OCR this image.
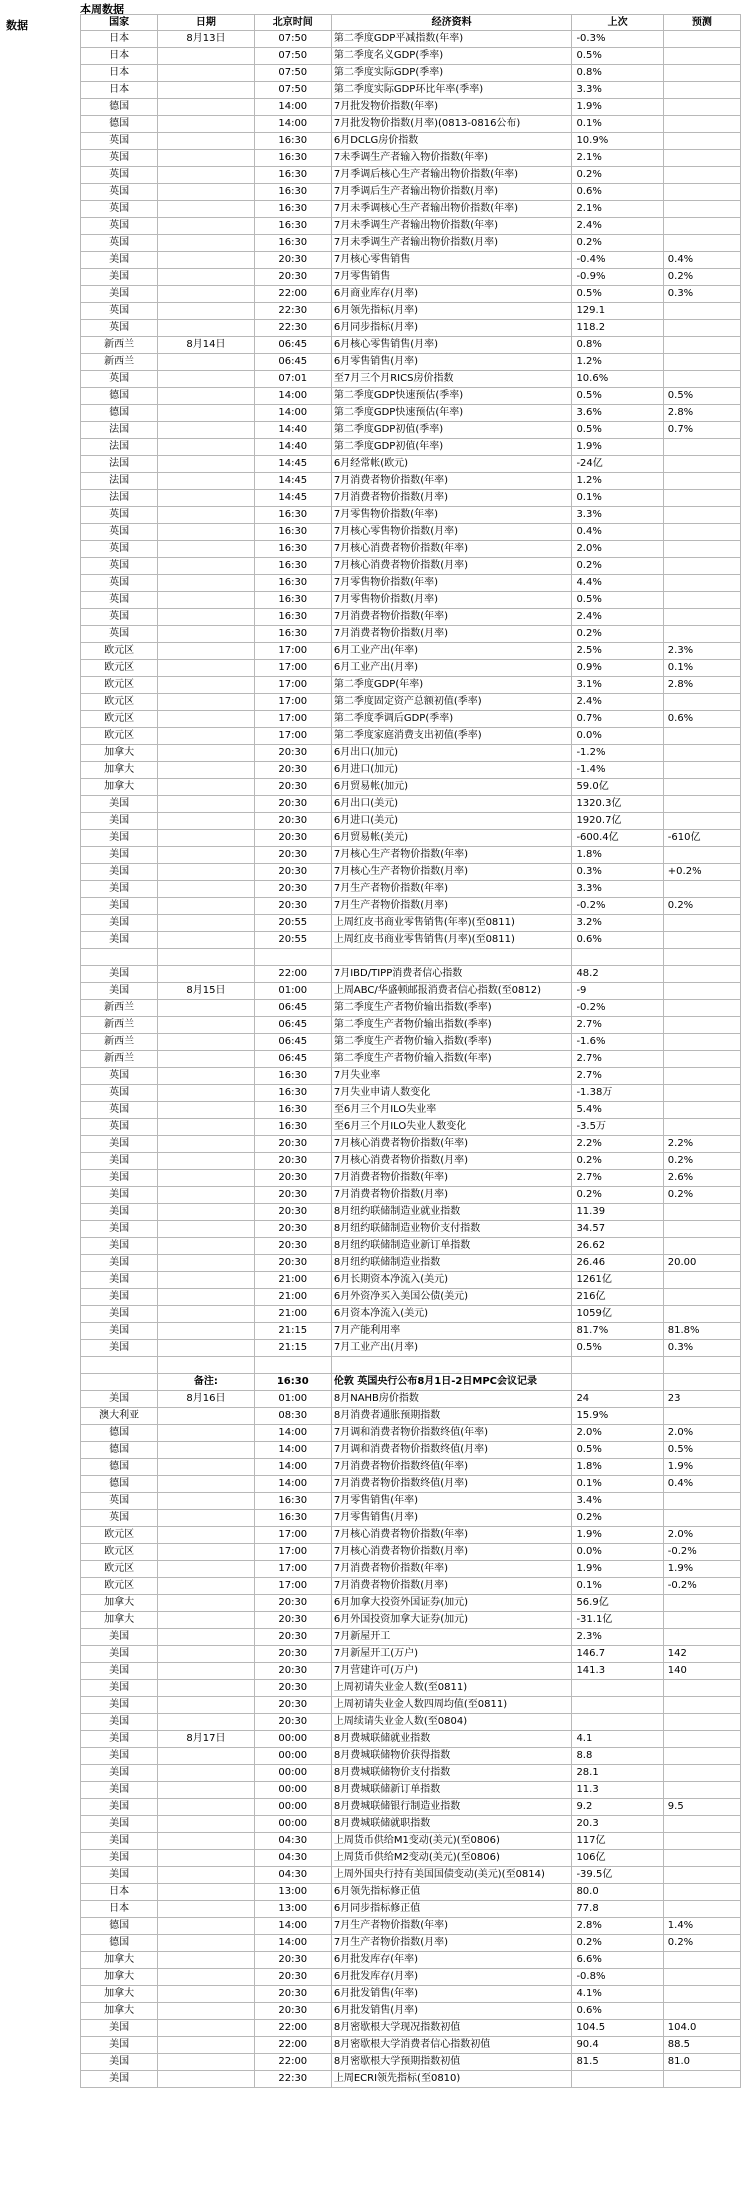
本周数据
数据	国家	日期	北京时间	经济资料	上次	预测
日本	8月13日	07:50	第二季度GDP平减指数(年率)	-0.3%	
日本		07:50	第二季度名义GDP(季率)	0.5%	
日本		07:50	第二季度实际GDP(季率)	0.8%	
日本		07:50	第二季度实际GDP环比年率(季率)	3.3%	
德国		14:00	7月批发物价指数(年率)	1.9%	
德国		14:00	7月批发物价指数(月率)(0813-0816公布)	0.1%	
英国		16:30	6月DCLG房价指数	10.9%	
英国		16:30	7未季调生产者输入物价指数(年率)	2.1%	
英国		16:30	7月季调后核心生产者输出物价指数(年率)	0.2%	
英国		16:30	7月季调后生产者输出物价指数(月率)	0.6%	
英国		16:30	7月未季调核心生产者输出物价指数(年率)	2.1%	
英国		16:30	7月未季调生产者输出物价指数(年率)	2.4%	
英国		16:30	7月未季调生产者输出物价指数(月率)	0.2%	
美国		20:30	7月核心零售销售	-0.4%	0.4%
美国		20:30	7月零售销售	-0.9%	0.2%
美国		22:00	6月商业库存(月率)	0.5%	0.3%
英国		22:30	6月领先指标(月率)	129.1	
英国		22:30	6月同步指标(月率)	118.2	
新西兰	8月14日	06:45	6月核心零售销售(月率)	0.8%	
新西兰		06:45	6月零售销售(月率)	1.2%	
英国		07:01	至7月三个月RICS房价指数	10.6%	
德国		14:00	第二季度GDP快速预估(季率)	0.5%	0.5%
德国		14:00	第二季度GDP快速预估(年率)	3.6%	2.8%
法国		14:40	第二季度GDP初值(季率)	0.5%	0.7%
法国		14:40	第二季度GDP初值(年率)	1.9%	
法国		14:45	6月经常帐(欧元)	-24亿	
法国		14:45	7月消费者物价指数(年率)	1.2%	
法国		14:45	7月消费者物价指数(月率)	0.1%	
英国		16:30	7月零售物价指数(年率)	3.3%	
英国		16:30	7月核心零售物价指数(月率)	0.4%	
英国		16:30	7月核心消费者物价指数(年率)	2.0%	
英国		16:30	7月核心消费者物价指数(月率)	0.2%	
英国		16:30	7月零售物价指数(年率)	4.4%	
英国		16:30	7月零售物价指数(月率)	0.5%	
英国		16:30	7月消费者物价指数(年率)	2.4%	
英国		16:30	7月消费者物价指数(月率)	0.2%	
欧元区		17:00	6月工业产出(年率)	2.5%	2.3%
欧元区		17:00	6月工业产出(月率)	0.9%	0.1%
欧元区		17:00	第二季度GDP(年率)	3.1%	2.8%
欧元区		17:00	第二季度固定资产总额初值(季率)	2.4%	
欧元区		17:00	第二季度季调后GDP(季率)	0.7%	0.6%
欧元区		17:00	第二季度家庭消费支出初值(季率)	0.0%	
加拿大		20:30	6月出口(加元)	-1.2%	
加拿大		20:30	6月进口(加元)	-1.4%	
加拿大		20:30	6月贸易帐(加元)	59.0亿	
美国		20:30	6月出口(美元)	1320.3亿	
美国		20:30	6月进口(美元)	1920.7亿	
美国		20:30	6月贸易帐(美元)	-600.4亿	-610亿
美国		20:30	7月核心生产者物价指数(年率)	1.8%	
美国		20:30	7月核心生产者物价指数(月率)	0.3%	+0.2%
美国		20:30	7月生产者物价指数(年率)	3.3%	
美国		20:30	7月生产者物价指数(月率)	-0.2%	0.2%
美国		20:55	上周红皮书商业零售销售(年率)(至0811)	3.2%	
美国		20:55	上周红皮书商业零售销售(月率)(至0811)	0.6%	

美国		22:00	7月IBD/TIPP消费者信心指数	48.2	
美国	8月15日	01:00	上周ABC/华盛顿邮报消费者信心指数(至0812)	-9	
新西兰		06:45	第二季度生产者物价输出指数(季率)	-0.2%	
新西兰		06:45	第二季度生产者物价输出指数(季率)	2.7%	
新西兰		06:45	第二季度生产者物价输入指数(季率)	-1.6%	
新西兰		06:45	第二季度生产者物价输入指数(年率)	2.7%	
英国		16:30	7月失业率	2.7%	
英国		16:30	7月失业申请人数变化	-1.38万	
英国		16:30	至6月三个月ILO失业率	5.4%	
英国		16:30	至6月三个月ILO失业人数变化	-3.5万	
美国		20:30	7月核心消费者物价指数(年率)	2.2%	2.2%
美国		20:30	7月核心消费者物价指数(月率)	0.2%	0.2%
美国		20:30	7月消费者物价指数(年率)	2.7%	2.6%
美国		20:30	7月消费者物价指数(月率)	0.2%	0.2%
美国		20:30	8月纽约联储制造业就业指数	11.39	
美国		20:30	8月纽约联储制造业物价支付指数	34.57	
美国		20:30	8月纽约联储制造业新订单指数	26.62	
美国		20:30	8月纽约联储制造业指数	26.46	20.00
美国		21:00	6月长期资本净流入(美元)	1261亿	
美国		21:00	6月外资净买入美国公债(美元)	216亿	
美国		21:00	6月资本净流入(美元)	1059亿	
美国		21:15	7月产能利用率	81.7%	81.8%
美国		21:15	7月工业产出(月率)	0.5%	0.3%

	备注:	16:30	伦敦 英国央行公布8月1日-2日MPC会议记录		
美国	8月16日	01:00	8月NAHB房价指数	24	23
澳大利亚		08:30	8月消费者通胀预期指数	15.9%	
德国		14:00	7月调和消费者物价指数终值(年率)	2.0%	2.0%
德国		14:00	7月调和消费者物价指数终值(月率)	0.5%	0.5%
德国		14:00	7月消费者物价指数终值(年率)	1.8%	1.9%
德国		14:00	7月消费者物价指数终值(月率)	0.1%	0.4%
英国		16:30	7月零售销售(年率)	3.4%	
英国		16:30	7月零售销售(月率)	0.2%	
欧元区		17:00	7月核心消费者物价指数(年率)	1.9%	2.0%
欧元区		17:00	7月核心消费者物价指数(月率)	0.0%	-0.2%
欧元区		17:00	7月消费者物价指数(年率)	1.9%	1.9%
欧元区		17:00	7月消费者物价指数(月率)	0.1%	-0.2%
加拿大		20:30	6月加拿大投资外国证券(加元)	56.9亿	
加拿大		20:30	6月外国投资加拿大证券(加元)	-31.1亿	
美国		20:30	7月新屋开工	2.3%	
美国		20:30	7月新屋开工(万户)	146.7	142
美国		20:30	7月营建许可(万户)	141.3	140
美国		20:30	上周初请失业金人数(至0811)		
美国		20:30	上周初请失业金人数四周均值(至0811)		
美国		20:30	上周续请失业金人数(至0804)		
美国	8月17日	00:00	8月费城联储就业指数	4.1	
美国		00:00	8月费城联储物价获得指数	8.8	
美国		00:00	8月费城联储物价支付指数	28.1	
美国		00:00	8月费城联储新订单指数	11.3	
美国		00:00	8月费城联储银行制造业指数	9.2	9.5
美国		00:00	8月费城联储就职指数	20.3	
美国		04:30	上周货币供给M1变动(美元)(至0806)	117亿	
美国		04:30	上周货币供给M2变动(美元)(至0806)	106亿	
美国		04:30	上周外国央行持有美国国债变动(美元)(至0814)	-39.5亿	
日本		13:00	6月领先指标修正值	80.0	
日本		13:00	6月同步指标修正值	77.8	
德国		14:00	7月生产者物价指数(年率)	2.8%	1.4%
德国		14:00	7月生产者物价指数(月率)	0.2%	0.2%
加拿大		20:30	6月批发库存(年率)	6.6%	
加拿大		20:30	6月批发库存(月率)	-0.8%	
加拿大		20:30	6月批发销售(年率)	4.1%	
加拿大		20:30	6月批发销售(月率)	0.6%	
美国		22:00	8月密歇根大学现况指数初值	104.5	104.0
美国		22:00	8月密歇根大学消费者信心指数初值	90.4	88.5
美国		22:00	8月密歇根大学预期指数初值	81.5	81.0
美国		22:30	上周ECRI领先指标(至0810)		
